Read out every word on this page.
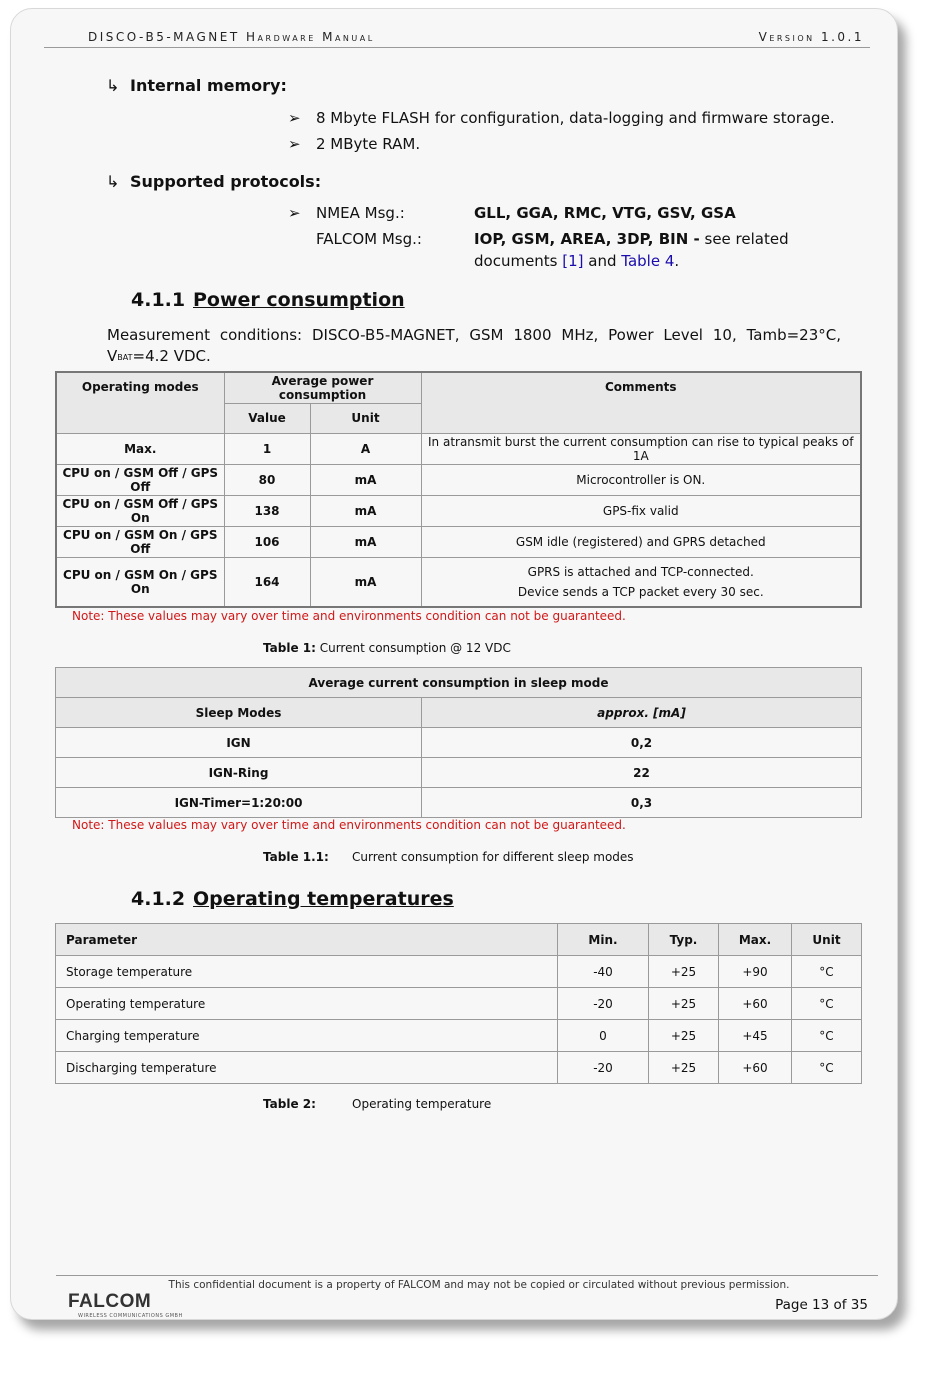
DISCO-B5-MAGNET Hardware Manual	Version 1.0.1
↳ Internal memory:
➢ 8 Mbyte FLASH for configuration, data-logging and firmware storage.
➢ 2 MByte RAM.
↳ Supported protocols:
➢ NMEA Msg.:	GLL, GGA, RMC, VTG, GSV, GSA
FALCOM Msg.:	IOP, GSM, AREA, 3DP, BIN - see related
documents [1] and Table 4.
4.1.1 Power consumption
Measurement conditions: DISCO-B5-MAGNET, GSM 1800 MHz, Power Level 10, Tamb=23°C, $V_{BAT}=4.2$ VDC.
Operating modes	Average power consumption		Comments
	Value	Unit	
Max.	1	A	In atransmit burst the current consumption can rise to typical peaks of 1A
CPU on / GSM Off / GPS Off	80	mA	Microcontroller is ON.
CPU on / GSM Off / GPS On	138	mA	GPS-fix valid
CPU on / GSM On / GPS Off	106	mA	GSM idle (registered) and GPRS detached
CPU on / GSM On / GPS On	164	mA	GPRS is attached and TCP-connected.
Device sends a TCP packet every 30 sec.
Note: These values may vary over time and environments condition can not be guaranteed.
Table 1: Current consumption @ 12 VDC
Average current consumption in sleep mode	
Sleep Modes	approx. [mA]
IGN	0,2
IGN-Ring	22
IGN-Timer=1:20:00	0,3
Note: These values may vary over time and environments condition can not be guaranteed.
Table 1.1: Current consumption for different sleep modes
4.1.2 Operating temperatures
Parameter	Min.	Typ.	Max.	Unit
Storage temperature	-40	+25	+90	°C
Operating temperature	-20	+25	+60	°C
Charging temperature	0	+25	+45	°C
Discharging temperature	-20	+25	+60	°C
Table 2:	Operating temperature
This confidential document is a property of FALCOM and may not be copied or circulated without previous permission.
FALCOM
WIRELESS COMMUNICATIONS GMBH
Page 13 of 35
